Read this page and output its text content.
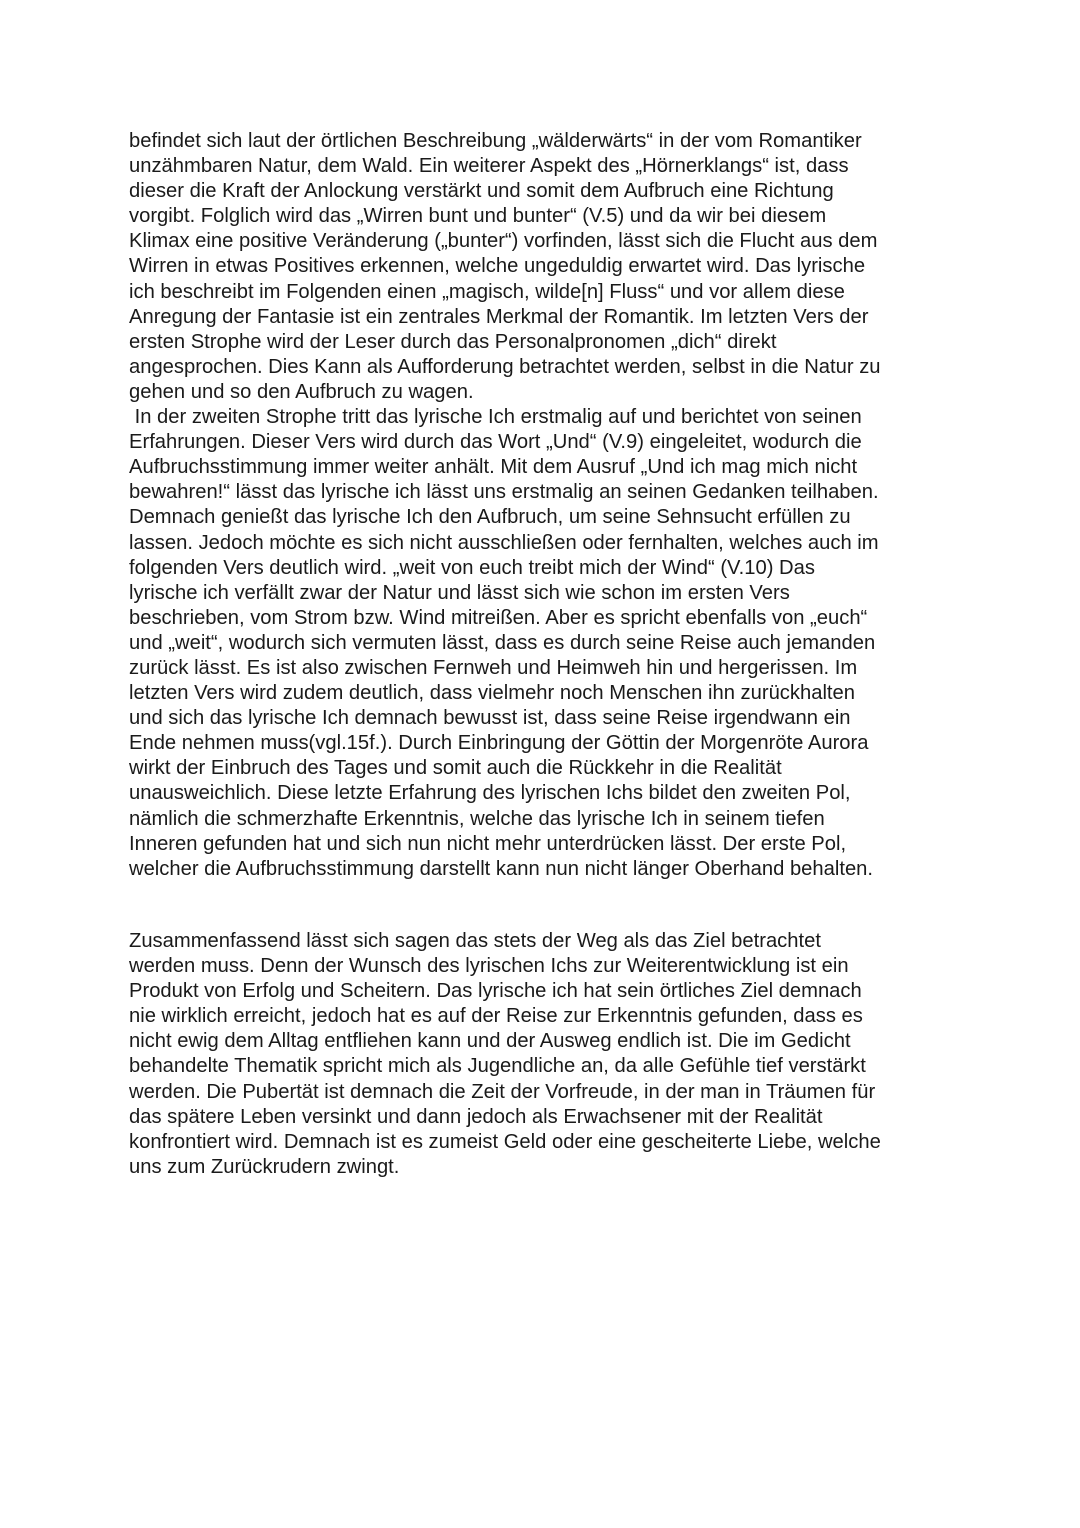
befindet sich laut der örtlichen Beschreibung „wälderwärts“ in der vom Romantiker
unzähmbaren Natur, dem Wald. Ein weiterer Aspekt des „Hörnerklangs“ ist, dass
dieser die Kraft der Anlockung verstärkt und somit dem Aufbruch eine Richtung
vorgibt. Folglich wird das „Wirren bunt und bunter“ (V.5) und da wir bei diesem
Klimax eine positive Veränderung („bunter“) vorfinden, lässt sich die Flucht aus dem
Wirren in etwas Positives erkennen, welche ungeduldig erwartet wird. Das lyrische
ich beschreibt im Folgenden einen „magisch, wilde[n] Fluss“ und vor allem diese
Anregung der Fantasie ist ein zentrales Merkmal der Romantik. Im letzten Vers der
ersten Strophe wird der Leser durch das Personalpronomen „dich“ direkt
angesprochen. Dies Kann als Aufforderung betrachtet werden, selbst in die Natur zu
gehen und so den Aufbruch zu wagen.
In der zweiten Strophe tritt das lyrische Ich erstmalig auf und berichtet von seinen
Erfahrungen. Dieser Vers wird durch das Wort „Und“ (V.9) eingeleitet, wodurch die
Aufbruchsstimmung immer weiter anhält. Mit dem Ausruf „Und ich mag mich nicht
bewahren!“ lässt das lyrische ich lässt uns erstmalig an seinen Gedanken teilhaben.
Demnach genießt das lyrische Ich den Aufbruch, um seine Sehnsucht erfüllen zu
lassen. Jedoch möchte es sich nicht ausschließen oder fernhalten, welches auch im
folgenden Vers deutlich wird. „weit von euch treibt mich der Wind“ (V.10) Das
lyrische ich verfällt zwar der Natur und lässt sich wie schon im ersten Vers
beschrieben, vom Strom bzw. Wind mitreißen. Aber es spricht ebenfalls von „euch“
und „weit“, wodurch sich vermuten lässt, dass es durch seine Reise auch jemanden
zurück lässt. Es ist also zwischen Fernweh und Heimweh hin und hergerissen. Im
letzten Vers wird zudem deutlich, dass vielmehr noch Menschen ihn zurückhalten
und sich das lyrische Ich demnach bewusst ist, dass seine Reise irgendwann ein
Ende nehmen muss(vgl.15f.). Durch Einbringung der Göttin der Morgenröte Aurora
wirkt der Einbruch des Tages und somit auch die Rückkehr in die Realität
unausweichlich. Diese letzte Erfahrung des lyrischen Ichs bildet den zweiten Pol,
nämlich die schmerzhafte Erkenntnis, welche das lyrische Ich in seinem tiefen
Inneren gefunden hat und sich nun nicht mehr unterdrücken lässt. Der erste Pol,
welcher die Aufbruchsstimmung darstellt kann nun nicht länger Oberhand behalten.
Zusammenfassend lässt sich sagen das stets der Weg als das Ziel betrachtet
werden muss. Denn der Wunsch des lyrischen Ichs zur Weiterentwicklung ist ein
Produkt von Erfolg und Scheitern. Das lyrische ich hat sein örtliches Ziel demnach
nie wirklich erreicht, jedoch hat es auf der Reise zur Erkenntnis gefunden, dass es
nicht ewig dem Alltag entfliehen kann und der Ausweg endlich ist. Die im Gedicht
behandelte Thematik spricht mich als Jugendliche an, da alle Gefühle tief verstärkt
werden. Die Pubertät ist demnach die Zeit der Vorfreude, in der man in Träumen für
das spätere Leben versinkt und dann jedoch als Erwachsener mit der Realität
konfrontiert wird. Demnach ist es zumeist Geld oder eine gescheiterte Liebe, welche
uns zum Zurückrudern zwingt.
